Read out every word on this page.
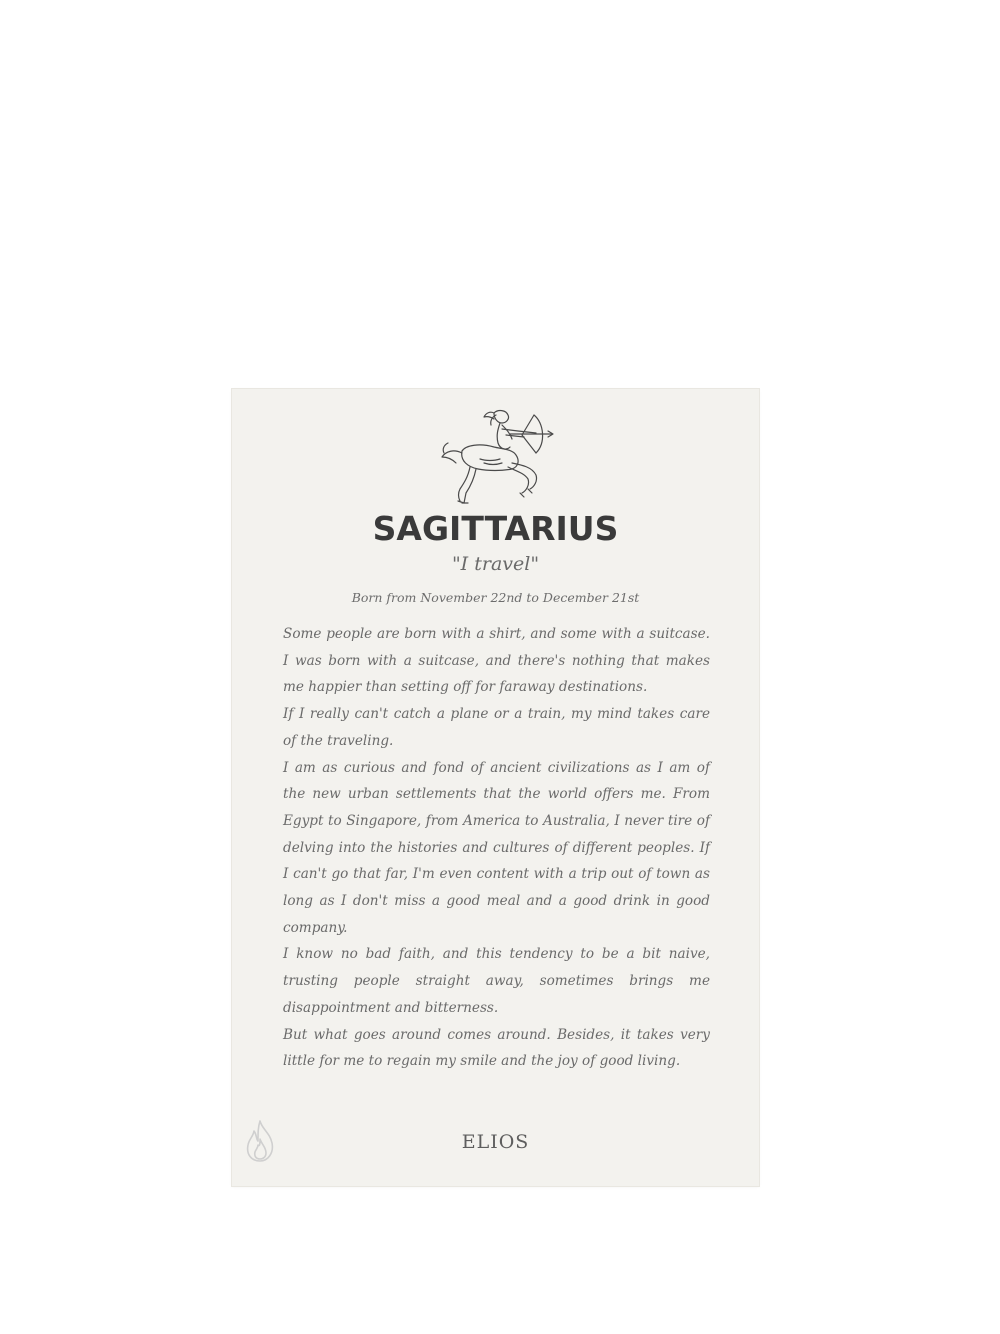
SAGITTARIUS
"I travel"
Born from November 22nd to December 21st

Some people are born with a shirt, and some with a suitcase. I was born with a suitcase, and there's nothing that makes me happier than setting off for faraway destinations.

If I really can't catch a plane or a train, my mind takes care of the traveling.

I am as curious and fond of ancient civilizations as I am of the new urban settlements that the world offers me. From Egypt to Singapore, from America to Australia, I never tire of delving into the histories and cultures of different peoples. If I can't go that far, I'm even content with a trip out of town as long as I don't miss a good meal and a good drink in good company.

I know no bad faith, and this tendency to be a bit naive, trusting people straight away, sometimes brings me disappointment and bitterness.

But what goes around comes around. Besides, it takes very little for me to regain my smile and the joy of good living.

ELIOS
